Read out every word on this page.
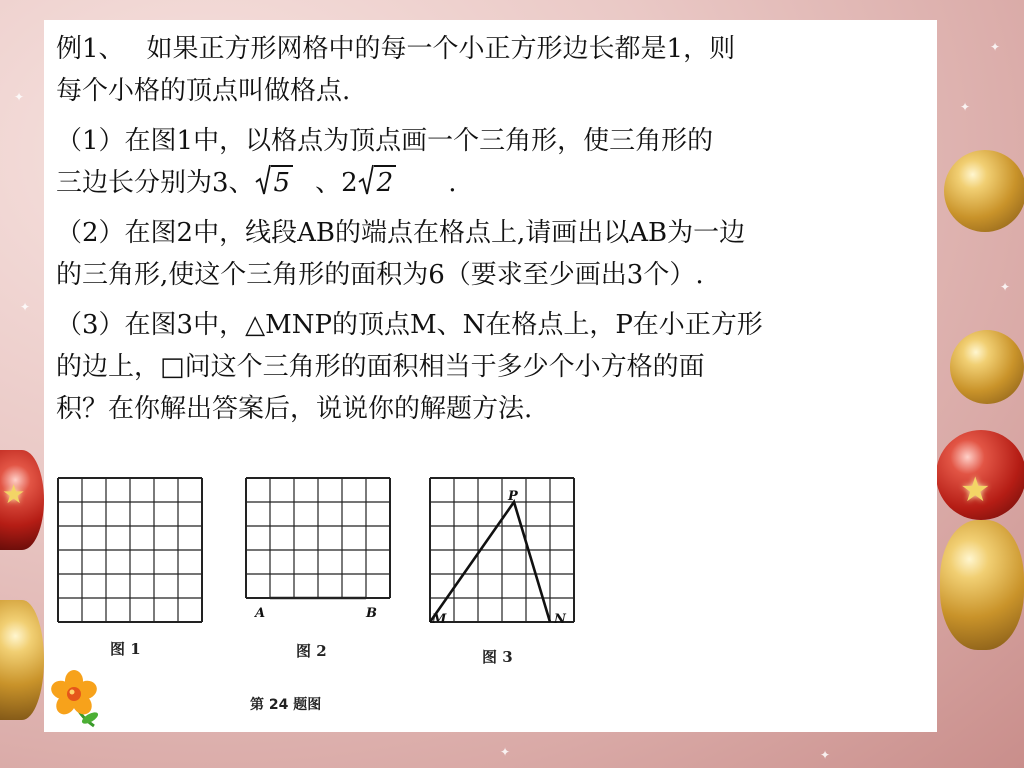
★
★
✦
✦
✦
✦
✦
✦	✦

例1、 如果正方形网格中的每一个小正方形边长都是1，则
每个小格的顶点叫做格点.

（1）在图1中，以格点为顶点画一个三角形，使三角形的
三边长分别为3、 5 、2 2 .

（2）在图2中，线段AB的端点在格点上,请画出以AB为一边
的三角形,使这个三角形的面积为6（要求至少画出3个）.

（3）在图3中，△MNP的顶点M、N在格点上，P在小正方形
的边上，□问这个三角形的面积相当于多少个小方格的面
积？在你解出答案后，说说你的解题方法.

图 1
A	B
图 2
P
M	N
图 3
第 24 题图
